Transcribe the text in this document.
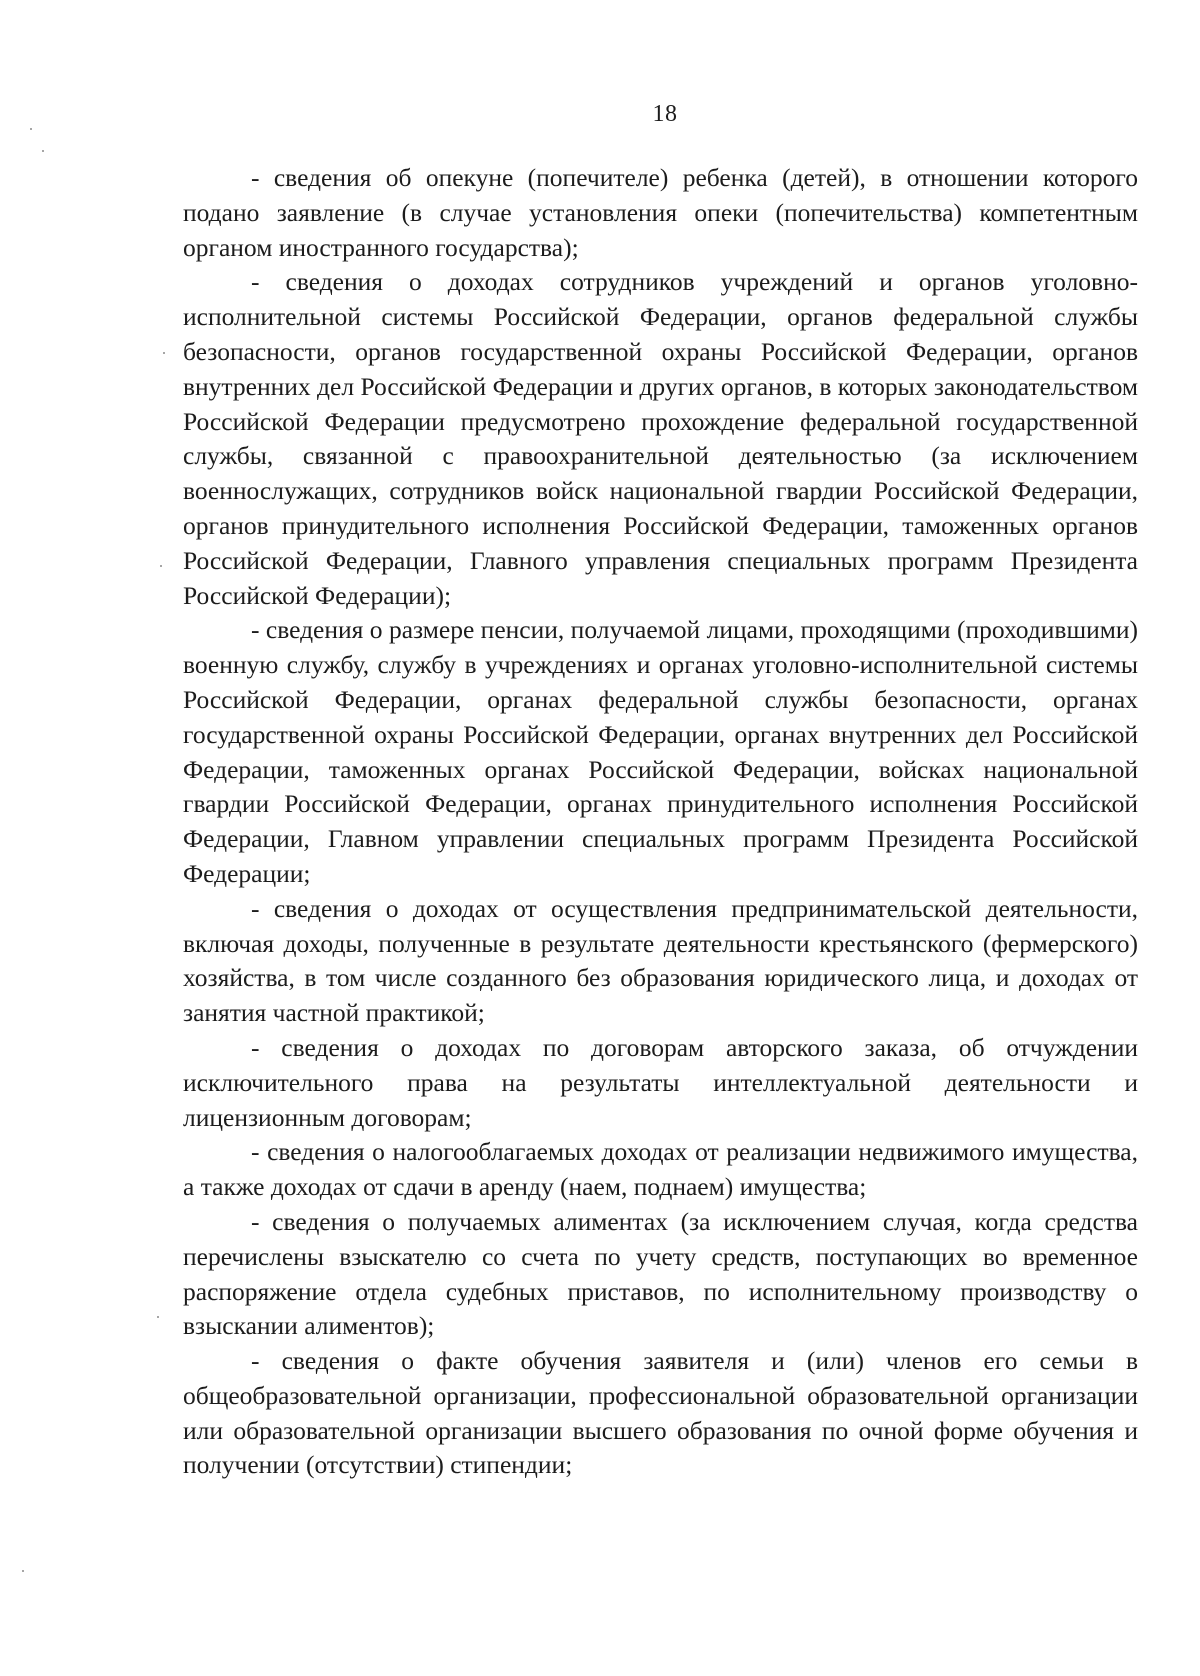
18

- сведения об опекуне (попечителе) ребенка (детей), в отношении которого подано заявление (в случае установления опеки (попечительства) компетентным органом иностранного государства);

- сведения о доходах сотрудников учреждений и органов уголовно-исполнительной системы Российской Федерации, органов федеральной службы безопасности, органов государственной охраны Российской Федерации, органов внутренних дел Российской Федерации и других органов, в которых законодательством Российской Федерации предусмотрено прохождение федеральной государственной службы, связанной с правоохранительной деятельностью (за исключением военнослужащих, сотрудников войск национальной гвардии Российской Федерации, органов принудительного исполнения Российской Федерации, таможенных органов Российской Федерации, Главного управления специальных программ Президента Российской Федерации);

- сведения о размере пенсии, получаемой лицами, проходящими (проходившими) военную службу, службу в учреждениях и органах уголовно-исполнительной системы Российской Федерации, органах федеральной службы безопасности, органах государственной охраны Российской Федерации, органах внутренних дел Российской Федерации, таможенных органах Российской Федерации, войсках национальной гвардии Российской Федерации, органах принудительного исполнения Российской Федерации, Главном управлении специальных программ Президента Российской Федерации;

- сведения о доходах от осуществления предпринимательской деятельности, включая доходы, полученные в результате деятельности крестьянского (фермерского) хозяйства, в том числе созданного без образования юридического лица, и доходах от занятия частной практикой;

- сведения о доходах по договорам авторского заказа, об отчуждении исключительного права на результаты интеллектуальной деятельности и лицензионным договорам;

- сведения о налогооблагаемых доходах от реализации недвижимого имущества, а также доходах от сдачи в аренду (наем, поднаем) имущества;

- сведения о получаемых алиментах (за исключением случая, когда средства перечислены взыскателю со счета по учету средств, поступающих во временное распоряжение отдела судебных приставов, по исполнительному производству о взыскании алиментов);

- сведения о факте обучения заявителя и (или) членов его семьи в общеобразовательной организации, профессиональной образовательной организации или образовательной организации высшего образования по очной форме обучения и получении (отсутствии) стипендии;
